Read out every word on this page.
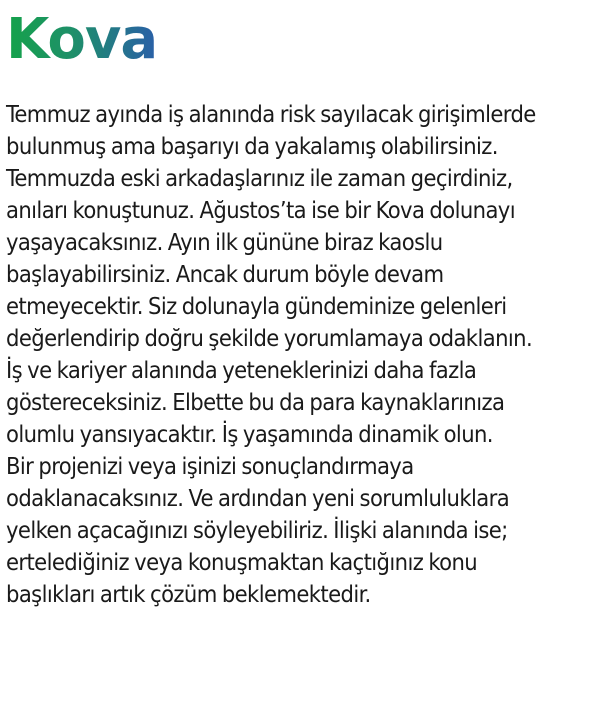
Kova
Temmuz ayında iş alanında risk sayılacak girişimlerde
bulunmuş ama başarıyı da yakalamış olabilirsiniz.
Temmuzda eski arkadaşlarınız ile zaman geçirdiniz,
anıları konuştunuz. Ağustos’ta ise bir Kova dolunayı
yaşayacaksınız. Ayın ilk gününe biraz kaoslu
başlayabilirsiniz. Ancak durum böyle devam
etmeyecektir. Siz dolunayla gündeminize gelenleri
değerlendirip doğru şekilde yorumlamaya odaklanın.
İş ve kariyer alanında yeteneklerinizi daha fazla
göstereceksiniz. Elbette bu da para kaynaklarınıza
olumlu yansıyacaktır. İş yaşamında dinamik olun.
Bir projenizi veya işinizi sonuçlandırmaya
odaklanacaksınız. Ve ardından yeni sorumluluklara
yelken açacağınızı söyleyebiliriz. İlişki alanında ise;
ertelediğiniz veya konuşmaktan kaçtığınız konu
başlıkları artık çözüm beklemektedir.
